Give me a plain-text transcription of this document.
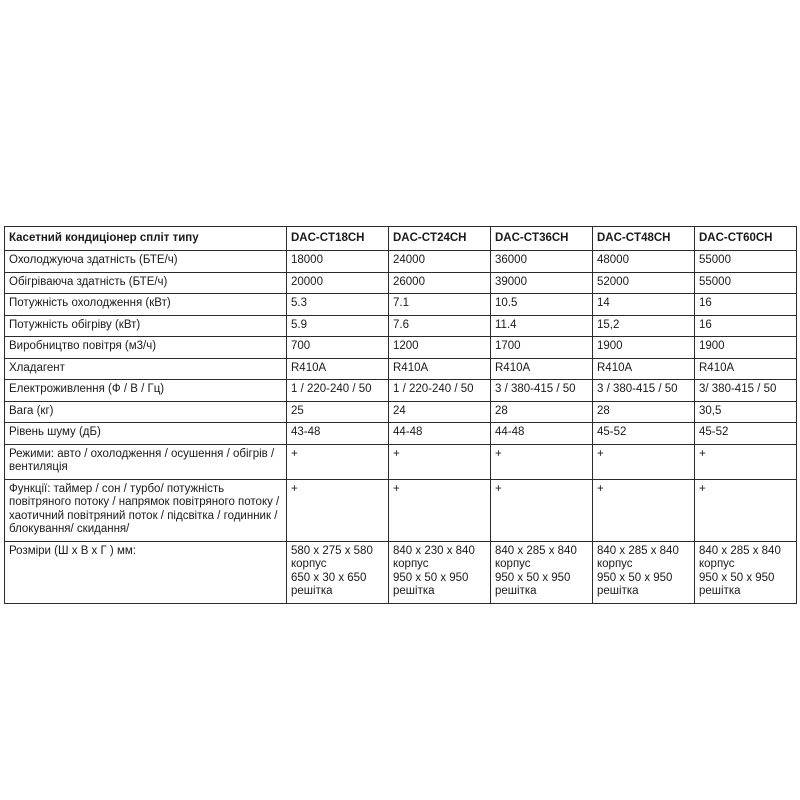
Касетний кондиціонер спліт типу	DAC-CT18CH	DAC-CT24CH	DAC-CT36CH	DAC-CT48CH	DAC-CT60CH
Охолоджуюча здатність (БТЕ/ч)	18000	24000	36000	48000	55000
Обігріваюча здатність (БТЕ/ч)	20000	26000	39000	52000	55000
Потужність охолодження (кВт)	5.3	7.1	10.5	14	16
Потужність обігріву (кВт)	5.9	7.6	11.4	15,2	16
Виробництво повітря (м3/ч)	700	1200	1700	1900	1900
Хладагент	R410A	R410A	R410A	R410A	R410A
Електроживлення (Ф / В / Гц)	1 / 220-240 / 50	1 / 220-240 / 50	3 / 380-415 / 50	3 / 380-415 / 50	3/ 380-415 / 50
Вага (кг)	25	24	28	28	30,5
Рівень шуму (дБ)	43-48	44-48	44-48	45-52	45-52
Режими: авто / охолодження / осушення / обігрів / вентиляція	+	+	+	+	+
Функції: таймер / сон / турбо/ потужність повітряного потоку / напрямок повітряного потоку / хаотичний повітряний поток / підсвітка / годинник / блокування/ скидання/	+	+	+	+	+
Розміри (Ш х В х Г ) мм:	580 x 275 x 580
корпус
650 x 30 x 650
решітка	840 x 230 x 840
корпус
950 x 50 x 950
решітка	840 x 285 x 840
корпус
950 x 50 x 950
решітка	840 x 285 x 840
корпус
950 x 50 x 950
решітка	840 x 285 x 840
корпус
950 x 50 x 950
решітка
